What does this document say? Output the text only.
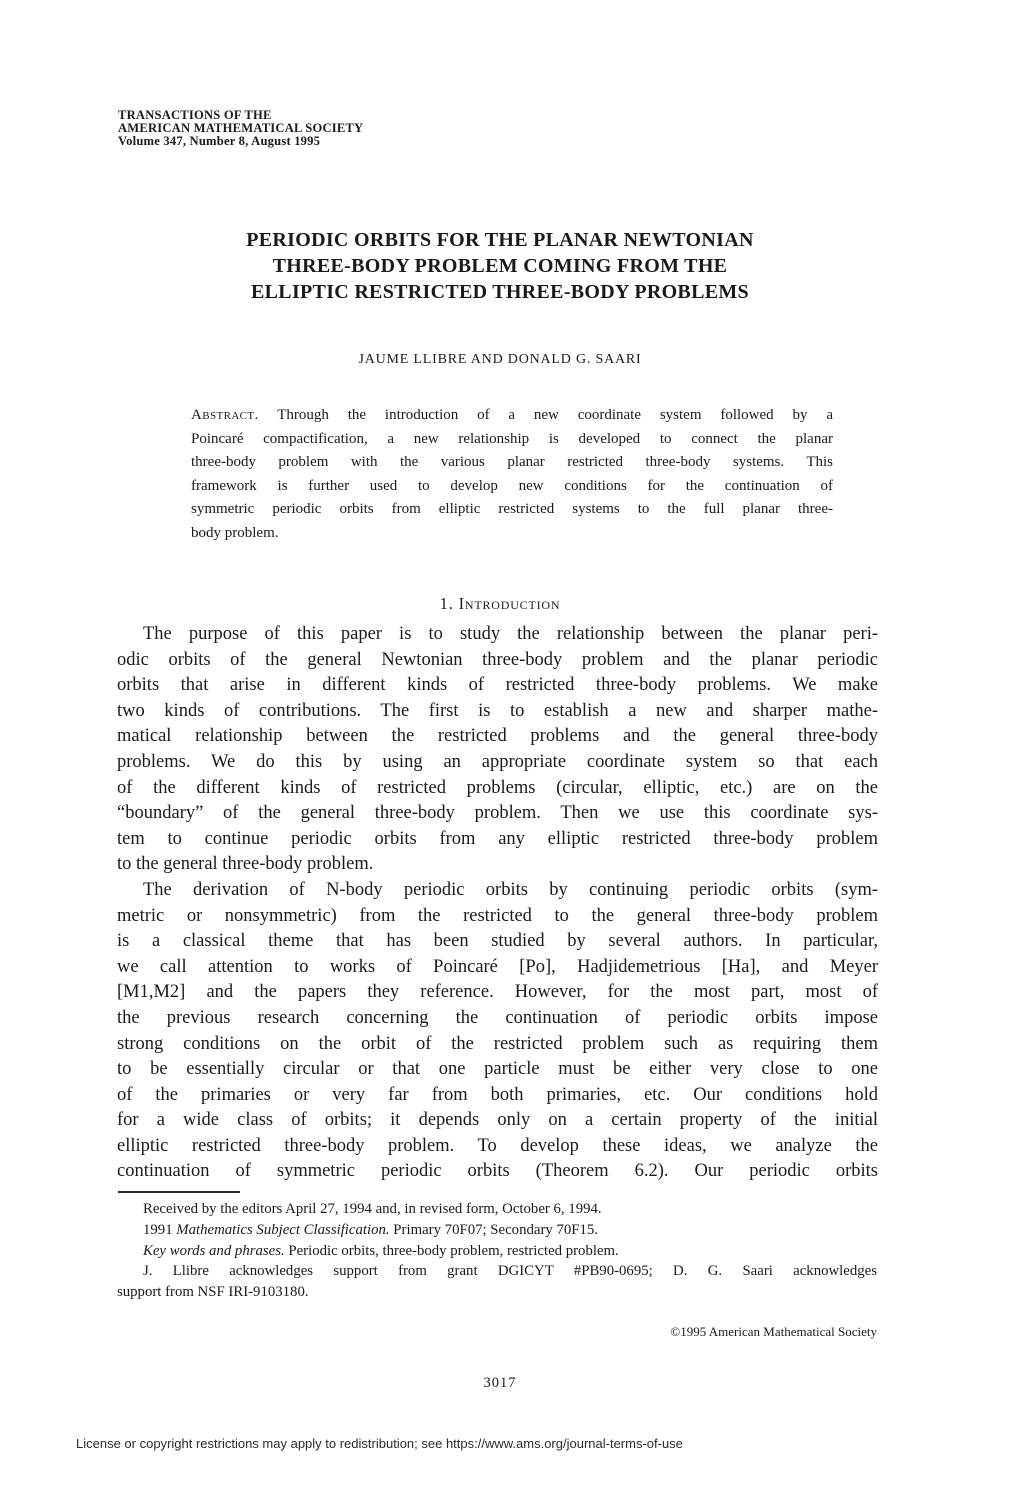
TRANSACTIONS OF THE
AMERICAN MATHEMATICAL SOCIETY
Volume 347, Number 8, August 1995
PERIODIC ORBITS FOR THE PLANAR NEWTONIAN
THREE-BODY PROBLEM COMING FROM THE
ELLIPTIC RESTRICTED THREE-BODY PROBLEMS
JAUME LLIBRE AND DONALD G. SAARI
Abstract. Through the introduction of a new coordinate system followed by a
Poincaré compactification, a new relationship is developed to connect the planar
three-body problem with the various planar restricted three-body systems. This
framework is further used to develop new conditions for the continuation of
symmetric periodic orbits from elliptic restricted systems to the full planar three-
body problem.
1. Introduction
The purpose of this paper is to study the relationship between the planar peri-
odic orbits of the general Newtonian three-body problem and the planar periodic
orbits that arise in different kinds of restricted three-body problems. We make
two kinds of contributions. The first is to establish a new and sharper mathe-
matical relationship between the restricted problems and the general three-body
problems. We do this by using an appropriate coordinate system so that each
of the different kinds of restricted problems (circular, elliptic, etc.) are on the
“boundary” of the general three-body problem. Then we use this coordinate sys-
tem to continue periodic orbits from any elliptic restricted three-body problem
to the general three-body problem.
The derivation of N-body periodic orbits by continuing periodic orbits (sym-
metric or nonsymmetric) from the restricted to the general three-body problem
is a classical theme that has been studied by several authors. In particular,
we call attention to works of Poincaré [Po], Hadjidemetrious [Ha], and Meyer
[M1,M2] and the papers they reference. However, for the most part, most of
the previous research concerning the continuation of periodic orbits impose
strong conditions on the orbit of the restricted problem such as requiring them
to be essentially circular or that one particle must be either very close to one
of the primaries or very far from both primaries, etc. Our conditions hold
for a wide class of orbits; it depends only on a certain property of the initial
elliptic restricted three-body problem. To develop these ideas, we analyze the
continuation of symmetric periodic orbits (Theorem 6.2). Our periodic orbits
Received by the editors April 27, 1994 and, in revised form, October 6, 1994.
1991 Mathematics Subject Classification. Primary 70F07; Secondary 70F15.
Key words and phrases. Periodic orbits, three-body problem, restricted problem.
J. Llibre acknowledges support from grant DGICYT #PB90-0695; D. G. Saari acknowledges
support from NSF IRI-9103180.
©1995 American Mathematical Society
3017
License or copyright restrictions may apply to redistribution; see https://www.ams.org/journal-terms-of-use
